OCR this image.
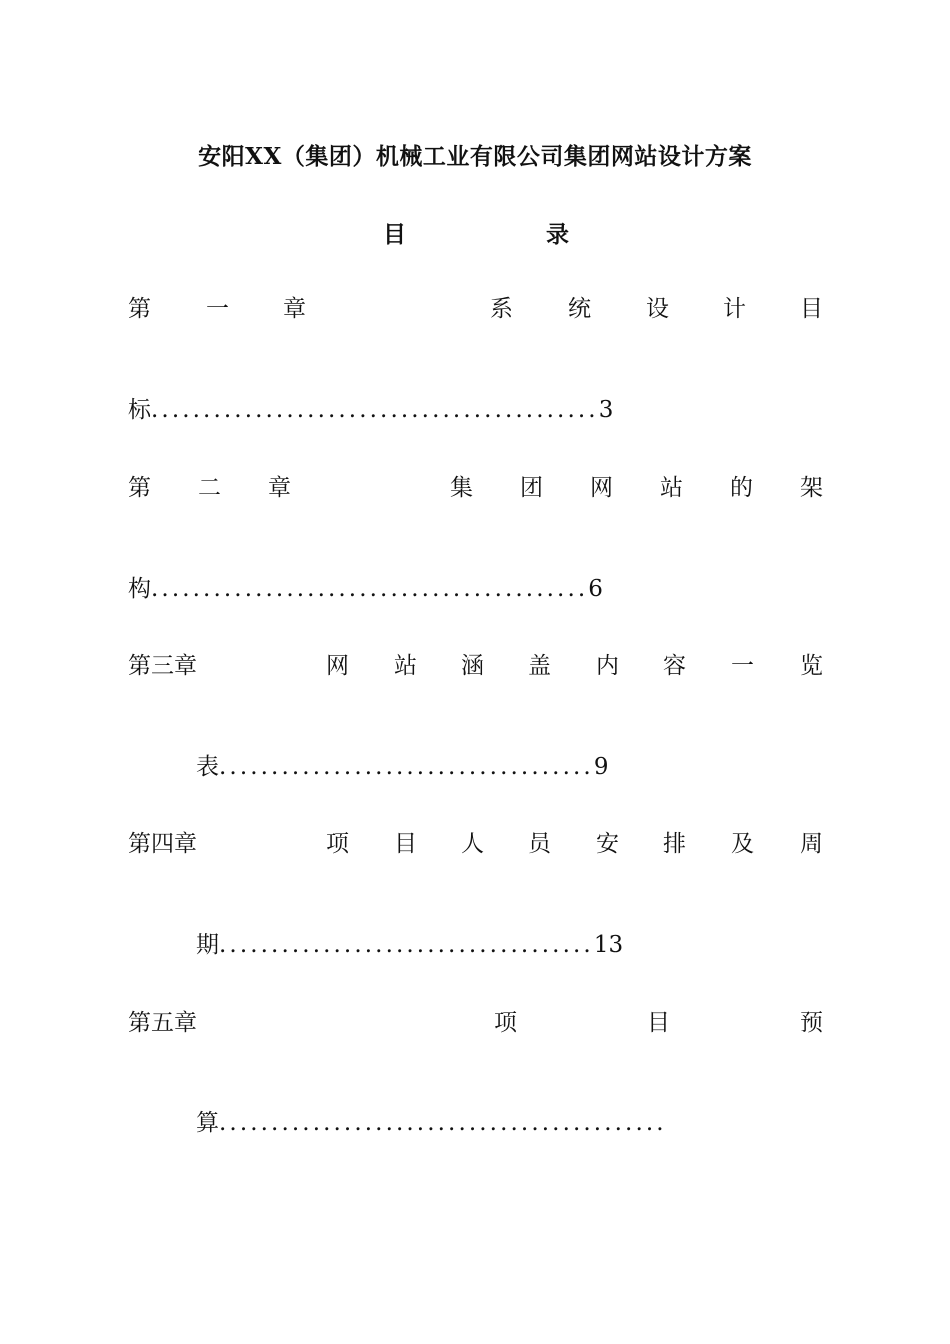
安阳XX（集团）机械工业有限公司集团网站设计方案
目	录
第 一 章	系 统 设 计 目
标...........................................3
第 二 章	集 团 网 站 的 架
构..........................................6
第三章	网 站 涵 盖 内 容 一 览
表....................................9
第四章	项 目 人 员 安 排 及 周
期....................................13
第五章	项	目	预
算...........................................
